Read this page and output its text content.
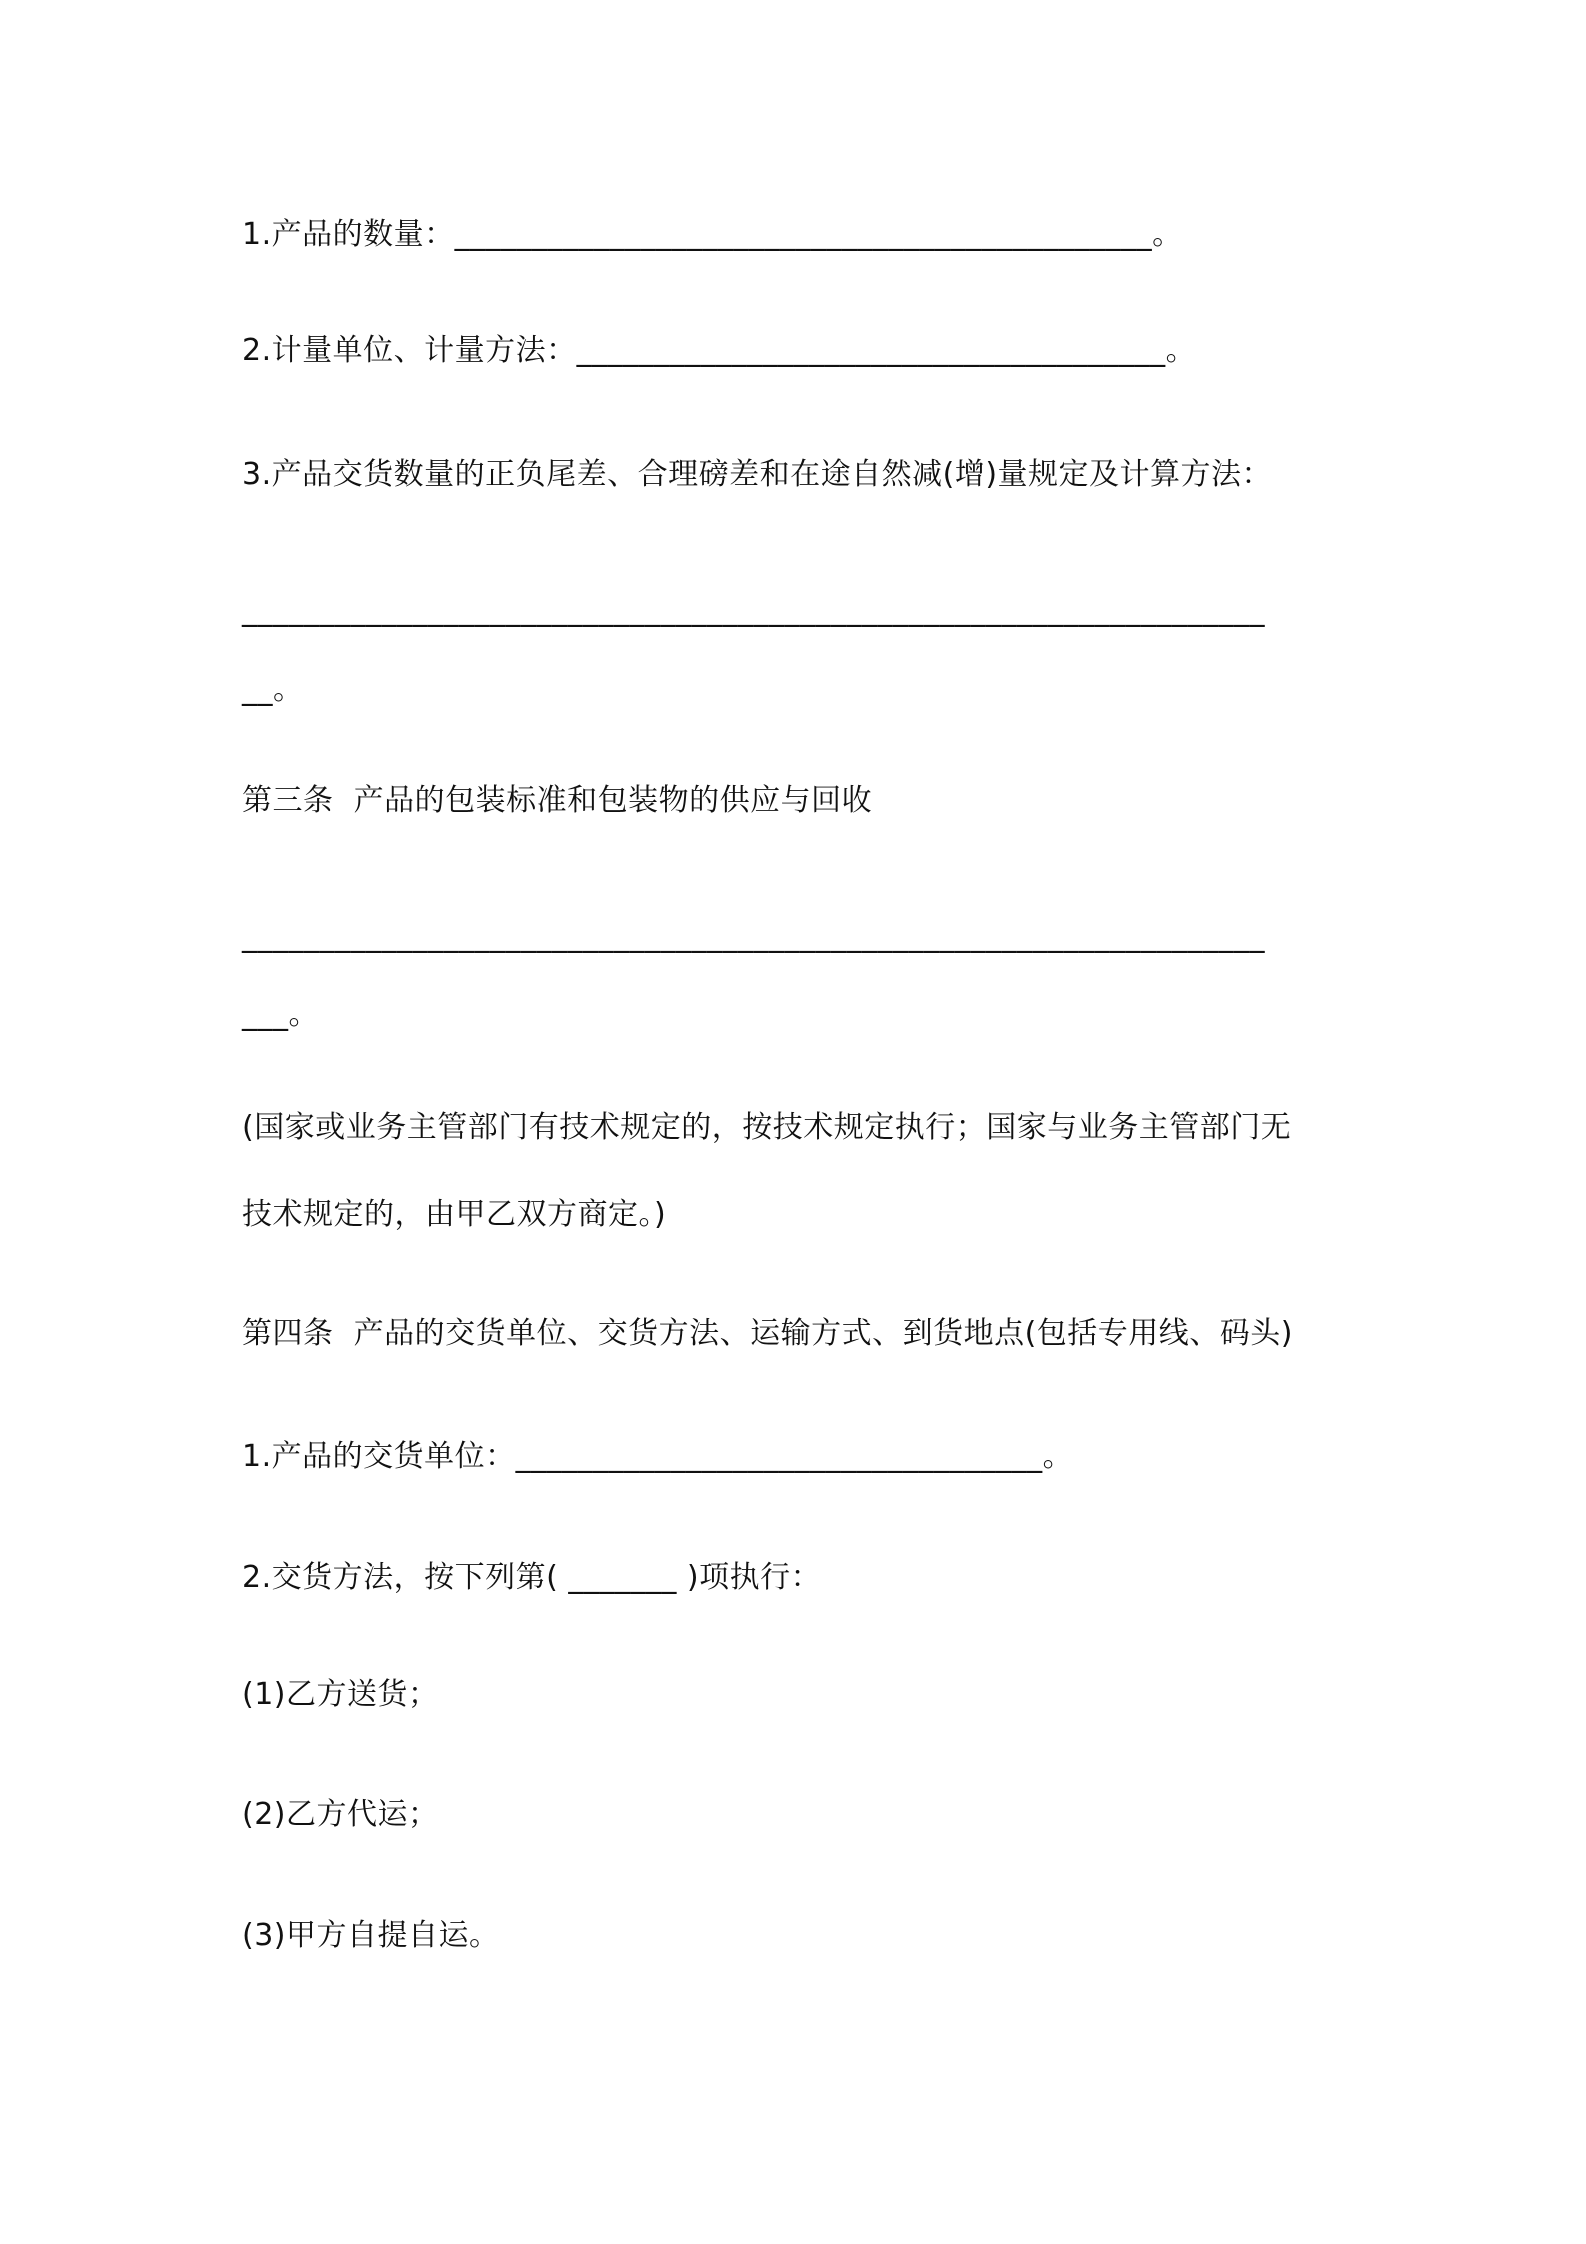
1.产品的数量：_____________________________________________。
2.计量单位、计量方法：______________________________________。
3.产品交货数量的正负尾差、合理磅差和在途自然减(增)量规定及计算方法：
__________________________________________________________________
__。
第三条  产品的包装标准和包装物的供应与回收
__________________________________________________________________
___。
(国家或业务主管部门有技术规定的，按技术规定执行；国家与业务主管部门无
技术规定的，由甲乙双方商定。)
第四条  产品的交货单位、交货方法、运输方式、到货地点(包括专用线、码头)
1.产品的交货单位：__________________________________。
2.交货方法，按下列第( _______ )项执行：
(1)乙方送货；
(2)乙方代运；
(3)甲方自提自运。
